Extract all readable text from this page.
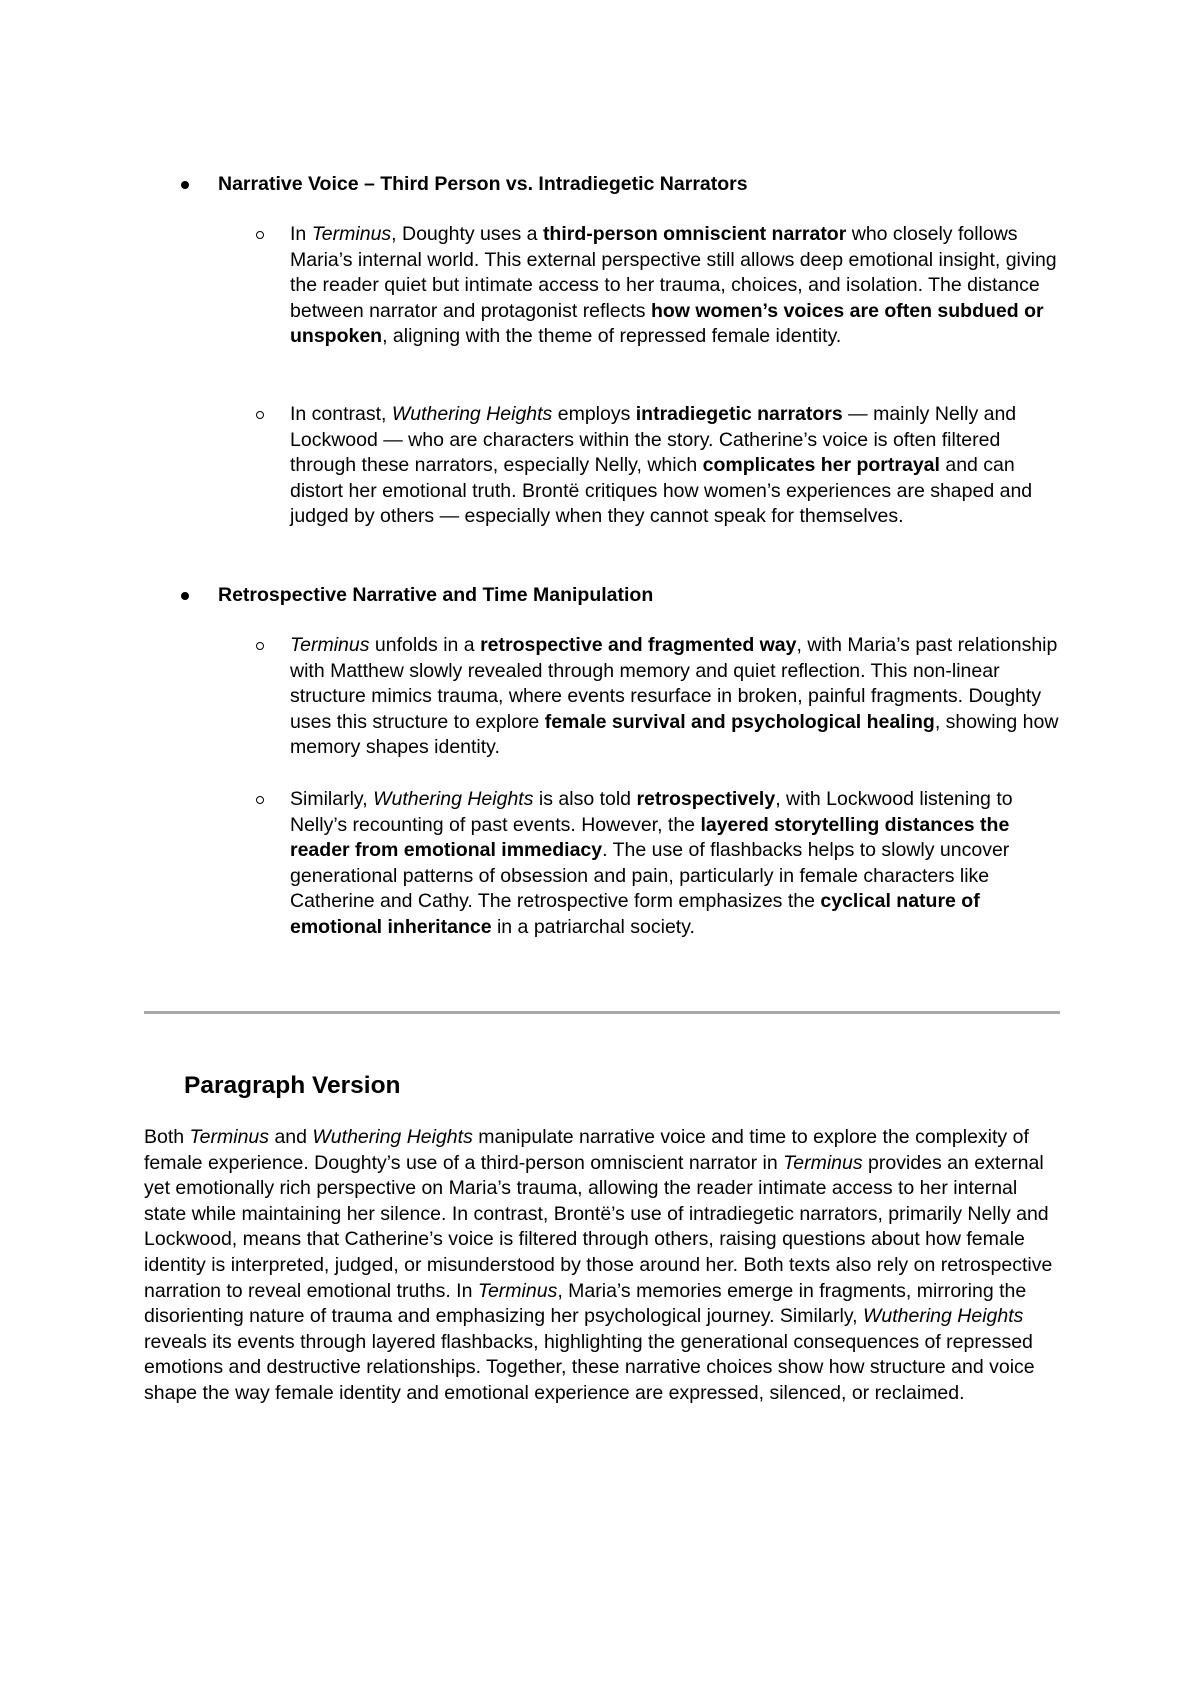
Narrative Voice – Third Person vs. Intradiegetic Narrators

In Terminus, Doughty uses a third-person omniscient narrator who closely follows Maria’s internal world. This external perspective still allows deep emotional insight, giving the reader quiet but intimate access to her trauma, choices, and isolation. The distance between narrator and protagonist reflects how women’s voices are often subdued or unspoken, aligning with the theme of repressed female identity.

In contrast, Wuthering Heights employs intradiegetic narrators — mainly Nelly and Lockwood — who are characters within the story. Catherine’s voice is often filtered through these narrators, especially Nelly, which complicates her portrayal and can distort her emotional truth. Brontë critiques how women’s experiences are shaped and judged by others — especially when they cannot speak for themselves.

Retrospective Narrative and Time Manipulation

Terminus unfolds in a retrospective and fragmented way, with Maria’s past relationship with Matthew slowly revealed through memory and quiet reflection. This non-linear structure mimics trauma, where events resurface in broken, painful fragments. Doughty uses this structure to explore female survival and psychological healing, showing how memory shapes identity.

Similarly, Wuthering Heights is also told retrospectively, with Lockwood listening to Nelly’s recounting of past events. However, the layered storytelling distances the reader from emotional immediacy. The use of flashbacks helps to slowly uncover generational patterns of obsession and pain, particularly in female characters like Catherine and Cathy. The retrospective form emphasizes the cyclical nature of emotional inheritance in a patriarchal society.

Paragraph Version

Both Terminus and Wuthering Heights manipulate narrative voice and time to explore the complexity of female experience. Doughty’s use of a third-person omniscient narrator in Terminus provides an external yet emotionally rich perspective on Maria’s trauma, allowing the reader intimate access to her internal state while maintaining her silence. In contrast, Brontë’s use of intradiegetic narrators, primarily Nelly and Lockwood, means that Catherine’s voice is filtered through others, raising questions about how female identity is interpreted, judged, or misunderstood by those around her. Both texts also rely on retrospective narration to reveal emotional truths. In Terminus, Maria’s memories emerge in fragments, mirroring the disorienting nature of trauma and emphasizing her psychological journey. Similarly, Wuthering Heights reveals its events through layered flashbacks, highlighting the generational consequences of repressed emotions and destructive relationships. Together, these narrative choices show how structure and voice shape the way female identity and emotional experience are expressed, silenced, or reclaimed.
